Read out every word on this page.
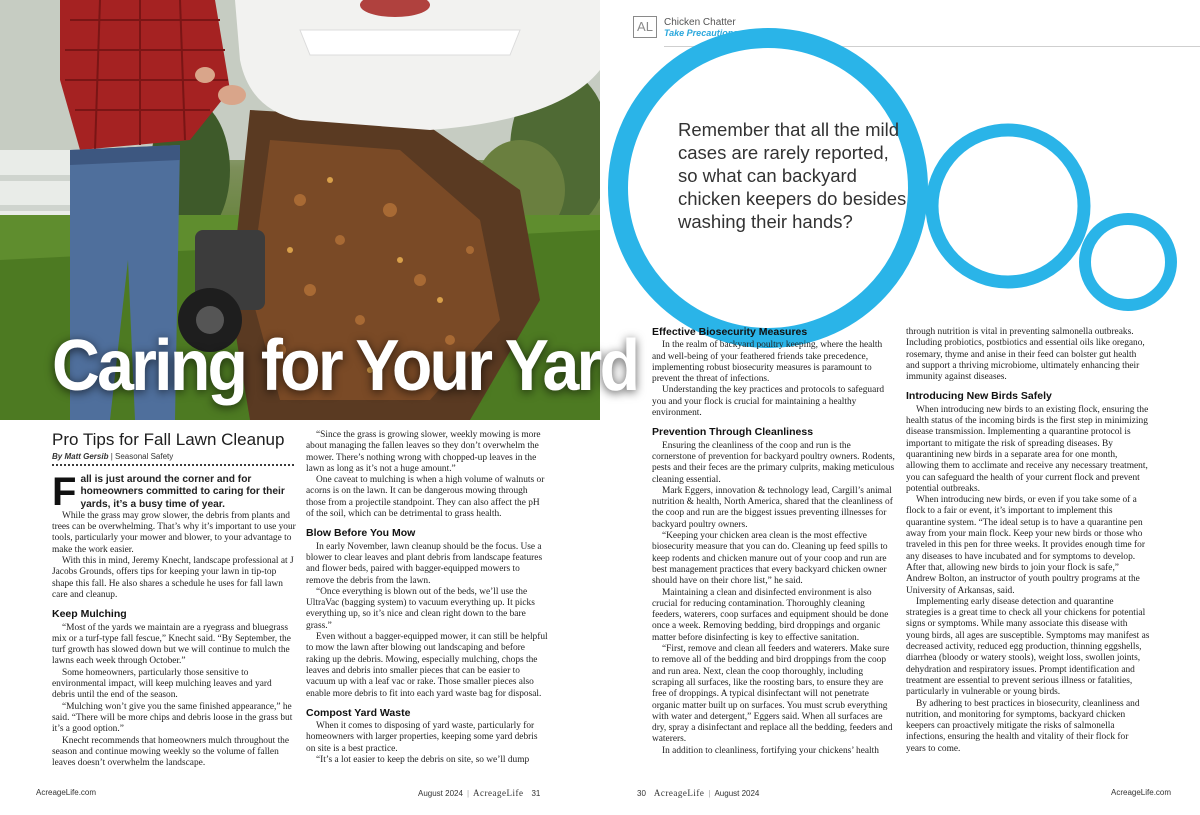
Caring for Your Yard
Pro Tips for Fall Lawn Cleanup
By Matt Gersib | Seasonal Safety

F all is just around the corner and for homeowners committed to caring for their yards, it’s a busy time of year.

While the grass may grow slower, the debris from plants and trees can be overwhelming. That’s why it’s important to use your tools, particularly your mower and blower, to your advantage to make the work easier.

With this in mind, Jeremy Knecht, landscape professional at J Jacobs Grounds, offers tips for keeping your lawn in tip-top shape this fall. He also shares a schedule he uses for fall lawn care and cleanup.

Keep Mulching

“Most of the yards we maintain are a ryegrass and bluegrass mix or a turf-type fall fescue,” Knecht said. “By September, the turf growth has slowed down but we will continue to mulch the lawns each week through October.”

Some homeowners, particularly those sensitive to environmental impact, will keep mulching leaves and yard debris until the end of the season.

“Mulching won’t give you the same finished appearance,” he said. “There will be more chips and debris loose in the grass but it’s a good option.”

Knecht recommends that homeowners mulch throughout the season and continue mowing weekly so the volume of fallen leaves doesn’t overwhelm the landscape.

“Since the grass is growing slower, weekly mowing is more about managing the fallen leaves so they don’t overwhelm the mower. There’s nothing wrong with chopped-up leaves in the lawn as long as it’s not a huge amount.”

One caveat to mulching is when a high volume of walnuts or acorns is on the lawn. It can be dangerous mowing through those from a projectile standpoint. They can also affect the pH of the soil, which can be detrimental to grass health.

Blow Before You Mow

In early November, lawn cleanup should be the focus. Use a blower to clear leaves and plant debris from landscape features and flower beds, paired with bagger-equipped mowers to remove the debris from the lawn.

“Once everything is blown out of the beds, we’ll use the UltraVac (bagging system) to vacuum everything up. It picks everything up, so it’s nice and clean right down to the bare grass.”

Even without a bagger-equipped mower, it can still be helpful to mow the lawn after blowing out landscaping and before raking up the debris. Mowing, especially mulching, chops the leaves and debris into smaller pieces that can be easier to vacuum up with a leaf vac or rake. Those smaller pieces also enable more debris to fit into each yard waste bag for disposal.

Compost Yard Waste

When it comes to disposing of yard waste, particularly for homeowners with larger properties, keeping some yard debris on site is a best practice.

“It’s a lot easier to keep the debris on site, so we’ll dump

AcreageLife.com	August 2024 | AcreageLife 31
AL	Chicken Chatter
Take Precautions
Remember that all the mild cases are rarely reported, so what can backyard chicken keepers do besides washing their hands?
Effective Biosecurity Measures

In the realm of backyard poultry keeping, where the health and well-being of your feathered friends take precedence, implementing robust biosecurity measures is paramount to prevent the threat of infections.

Understanding the key practices and protocols to safeguard you and your flock is crucial for maintaining a healthy environment.

Prevention Through Cleanliness

Ensuring the cleanliness of the coop and run is the cornerstone of prevention for backyard poultry owners. Rodents, pests and their feces are the primary culprits, making meticulous cleaning essential.

Mark Eggers, innovation & technology lead, Cargill’s animal nutrition & health, North America, shared that the cleanliness of the coop and run are the biggest issues preventing illnesses for backyard poultry owners.

“Keeping your chicken area clean is the most effective biosecurity measure that you can do. Cleaning up feed spills to keep rodents and chicken manure out of your coop and run are best management practices that every backyard chicken owner should have on their chore list,” he said.

Maintaining a clean and disinfected environment is also crucial for reducing contamination. Thoroughly cleaning feeders, waterers, coop surfaces and equipment should be done once a week. Removing bedding, bird droppings and organic matter before disinfecting is key to effective sanitation.

“First, remove and clean all feeders and waterers. Make sure to remove all of the bedding and bird droppings from the coop and run area. Next, clean the coop thoroughly, including scraping all surfaces, like the roosting bars, to ensure they are free of droppings. A typical disinfectant will not penetrate organic matter built up on surfaces. You must scrub everything with water and detergent,” Eggers said. When all surfaces are dry, spray a disinfectant and replace all the bedding, feeders and waterers.

In addition to cleanliness, fortifying your chickens’ health

through nutrition is vital in preventing salmonella outbreaks. Including probiotics, postbiotics and essential oils like oregano, rosemary, thyme and anise in their feed can bolster gut health and support a thriving microbiome, ultimately enhancing their immunity against diseases.

Introducing New Birds Safely

When introducing new birds to an existing flock, ensuring the health status of the incoming birds is the first step in minimizing disease transmission. Implementing a quarantine protocol is important to mitigate the risk of spreading diseases. By quarantining new birds in a separate area for one month, allowing them to acclimate and receive any necessary treatment, you can safeguard the health of your current flock and prevent potential outbreaks.

When introducing new birds, or even if you take some of a flock to a fair or event, it’s important to implement this quarantine system. “The ideal setup is to have a quarantine pen away from your main flock. Keep your new birds or those who traveled in this pen for three weeks. It provides enough time for any diseases to have incubated and for symptoms to develop. After that, allowing new birds to join your flock is safe,” Andrew Bolton, an instructor of youth poultry programs at the University of Arkansas, said.

Implementing early disease detection and quarantine strategies is a great time to check all your chickens for potential signs or symptoms. While many associate this disease with young birds, all ages are susceptible. Symptoms may manifest as decreased activity, reduced egg production, thinning eggshells, diarrhea (bloody or watery stools), weight loss, swollen joints, dehydration and respiratory issues. Prompt identification and treatment are essential to prevent serious illness or fatalities, particularly in vulnerable or young birds.

By adhering to best practices in biosecurity, cleanliness and nutrition, and monitoring for symptoms, backyard chicken keepers can proactively mitigate the risks of salmonella infections, ensuring the health and vitality of their flock for years to come.

30 AcreageLife | August 2024	AcreageLife.com
